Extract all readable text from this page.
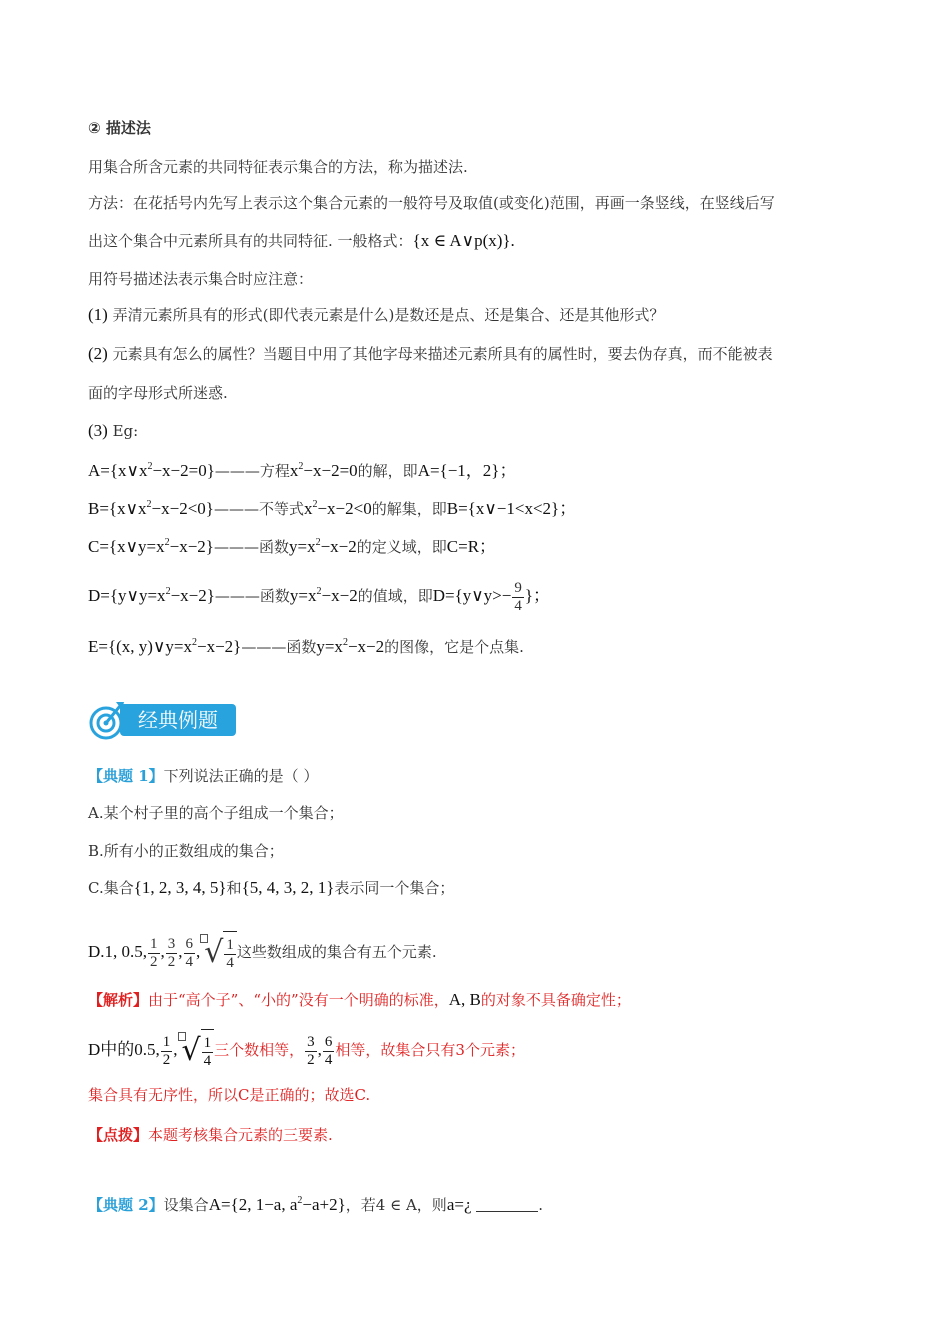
② 描述法
用集合所含元素的共同特征表示集合的方法，称为描述法.
方法：在花括号内先写上表示这个集合元素的一般符号及取值(或变化)范围，再画一条竖线，在竖线后写
出这个集合中元素所具有的共同特征. 一般格式：{x ∈ A∨p(x)}.
用符号描述法表示集合时应注意：
(1) 弄清元素所具有的形式(即代表元素是什么)是数还是点、还是集合、还是其他形式？
(2) 元素具有怎么的属性？当题目中用了其他字母来描述元素所具有的属性时，要去伪存真，而不能被表
面的字母形式所迷惑.
(3) Eg:
$A=\{x\vee x^2-x-2=0\}———$方程$x^2-x-2=0$的解，即A={−1，2}；
$B=\{x\vee x^2-x-2<0\}———$不等式$x^2-x-2<0$的解集，即B={x∨−1<x<2}；
$C=\{x\vee y=x^2-x-2\}———$函数$y=x^2-x-2$的定义域，即C=R；
$D=\{y\vee y=x^2-x-2\}———$函数$y=x^2-x-2$的值域，即D={y∨y>− $\frac{9}{4}$ }；
E={(x, $y)\vee y=x^2-x-2\}———$函数$y=x^2-x-2$的图像，它是个点集.
经典例题
【典题 1】下列说法正确的是（ ）
A.某个村子里的高个子组成一个集合；
B.所有小的正数组成的集合；
C.集合{1, 2, 3, 4, 5}和{5, 4, 3, 2, 1}表示同一个集合；
D.1, 0.5, $\frac{1}{2}$ , $\frac{3}{2}$ , $\frac{6}{4}$ , √ $\frac{1}{4}$ 这些数组成的集合有五个元素.
【解析】由于“高个子”、“小的”没有一个明确的标准，A, B的对象不具备确定性；
D中的0.5, $\frac{1}{2}$ , √ $\frac{1}{4}$ 三个数相等， $\frac{3}{2}$ , $\frac{6}{4}$ 相等，故集合只有3个元素；
集合具有无序性，所以C是正确的；故选C.
【点拨】本题考核集合元素的三要素.
【典题 2】设集合A={2, 1−a, $a^2-a+2$}，若4 ∈ A，则a=¿	.
